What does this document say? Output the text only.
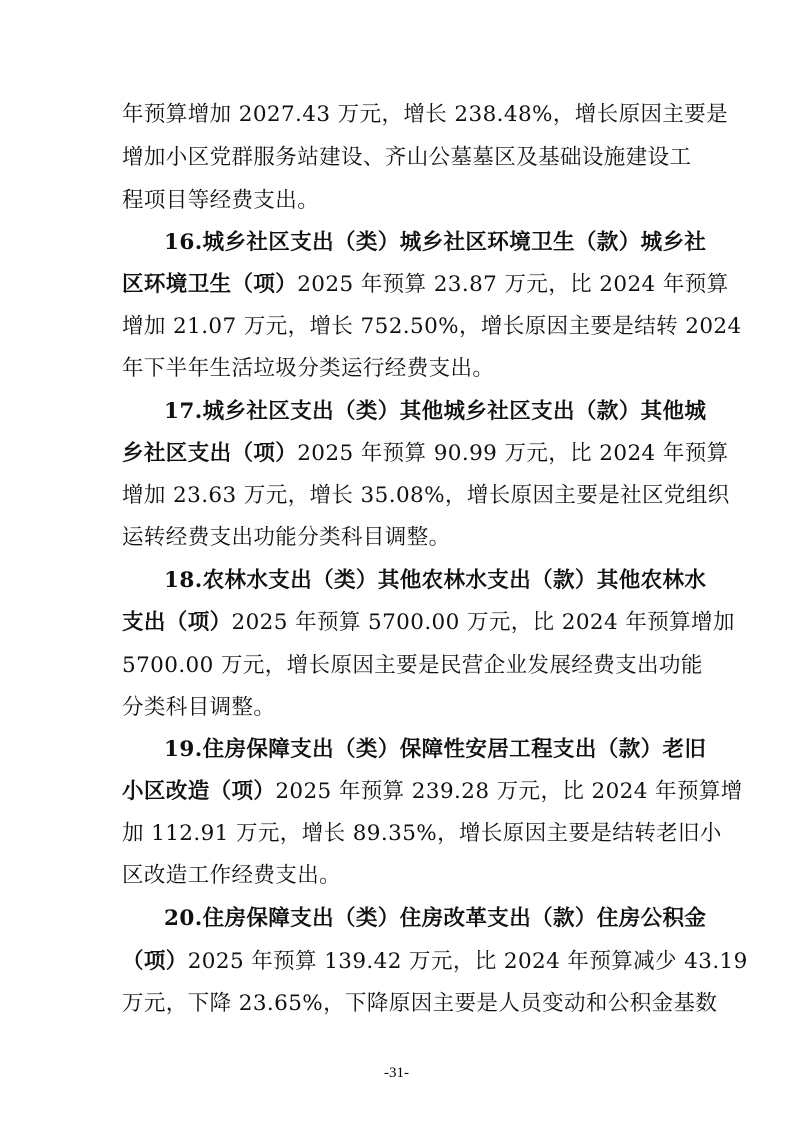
年预算增加 2027.43 万元，增长 238.48%，增长原因主要是
增加小区党群服务站建设、齐山公墓墓区及基础设施建设工
程项目等经费支出。
16.城乡社区支出（类）城乡社区环境卫生（款）城乡社
区环境卫生（项）2025 年预算 23.87 万元，比 2024 年预算
增加 21.07 万元，增长 752.50%，增长原因主要是结转 2024
年下半年生活垃圾分类运行经费支出。
17.城乡社区支出（类）其他城乡社区支出（款）其他城
乡社区支出（项）2025 年预算 90.99 万元，比 2024 年预算
增加 23.63 万元，增长 35.08%，增长原因主要是社区党组织
运转经费支出功能分类科目调整。
18.农林水支出（类）其他农林水支出（款）其他农林水
支出（项）2025 年预算 5700.00 万元，比 2024 年预算增加
5700.00 万元，增长原因主要是民营企业发展经费支出功能
分类科目调整。
19.住房保障支出（类）保障性安居工程支出（款）老旧
小区改造（项）2025 年预算 239.28 万元，比 2024 年预算增
加 112.91 万元，增长 89.35%，增长原因主要是结转老旧小
区改造工作经费支出。
20.住房保障支出（类）住房改革支出（款）住房公积金
（项）2025 年预算 139.42 万元，比 2024 年预算减少 43.19
万元，下降 23.65%，下降原因主要是人员变动和公积金基数
-31-
